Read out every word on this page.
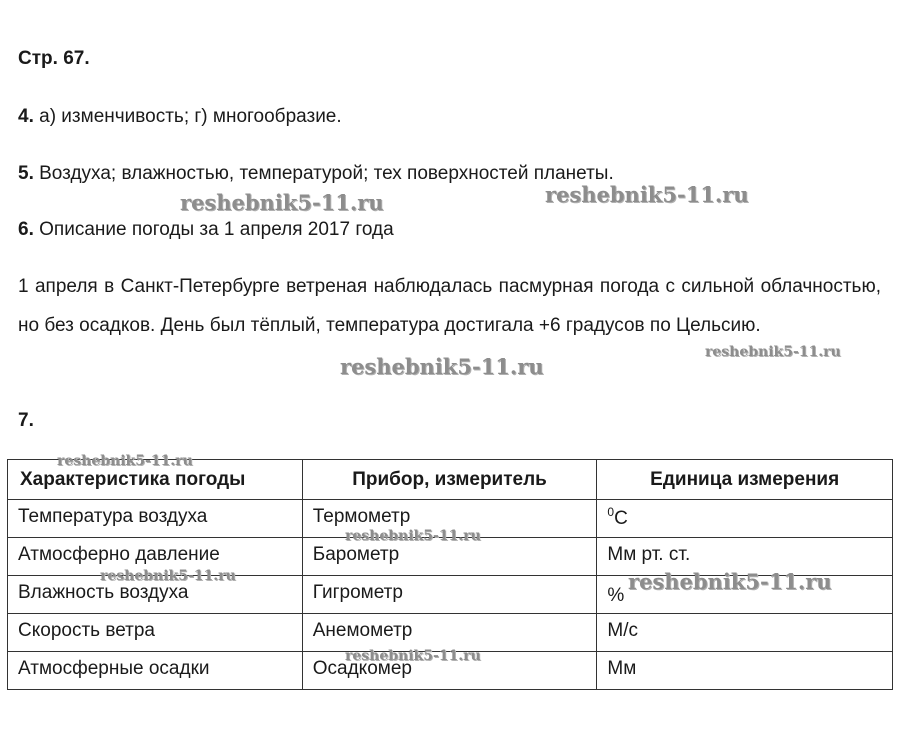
Стр. 67.
4. а) изменчивость; г) многообразие.
5. Воздуха; влажностью, температурой; тех поверхностей планеты.
6. Описание погоды за 1 апреля 2017 года
1 апреля в Санкт-Петербурге ветреная наблюдалась пасмурная погода с сильной облачностью, но без осадков. День был тёплый, температура достигала +6 градусов по Цельсию.
7.
Характеристика погоды	Прибор, измеритель	Единица измерения
Температура воздуха	Термометр	$^0$С
Атмосферно давление	Барометр	Мм рт. ст.
Влажность воздуха	Гигрометр	%
Скорость ветра	Анемометр	М/с
Атмосферные осадки	Осадкомер	Мм
reshebnik5-11.ru	reshebnik5-11.ru
reshebnik5-11.ru
reshebnik5-11.ru
reshebnik5-11.ru
reshebnik5-11.ru
reshebnik5-11.ru	reshebnik5-11.ru
reshebnik5-11.ru
